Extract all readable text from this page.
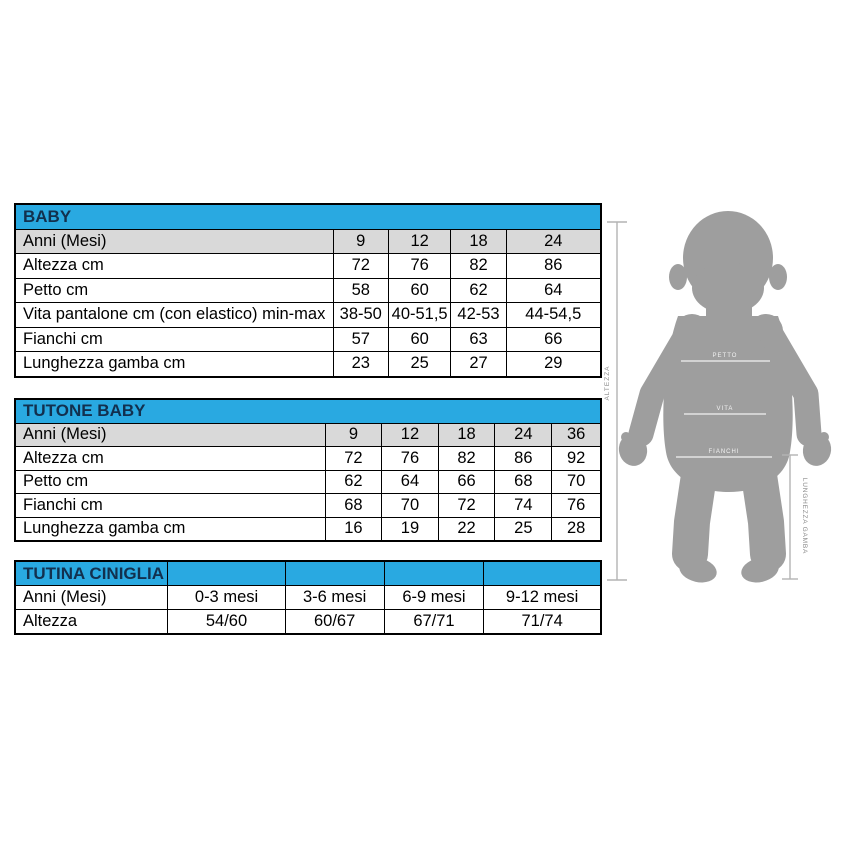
BABY				
Anni (Mesi)	9	12	18	24
Altezza cm	72	76	82	86
Petto cm	58	60	62	64
Vita pantalone cm (con elastico) min-max	38-50	40-51,5	42-53	44-54,5
Fianchi cm	57	60	63	66
Lunghezza gamba cm	23	25	27	29
TUTONE BABY					
Anni (Mesi)	9	12	18	24	36
Altezza cm	72	76	82	86	92
Petto cm	62	64	66	68	70
Fianchi cm	68	70	72	74	76
Lunghezza gamba cm	16	19	22	25	28
TUTINA CINIGLIA				
Anni (Mesi)	0-3 mesi	3-6 mesi	6-9 mesi	9-12 mesi
Altezza	54/60	60/67	67/71	71/74
PETTO
VITA
FIANCHI
ALTEZZA
LUNGHEZZA GAMBA
